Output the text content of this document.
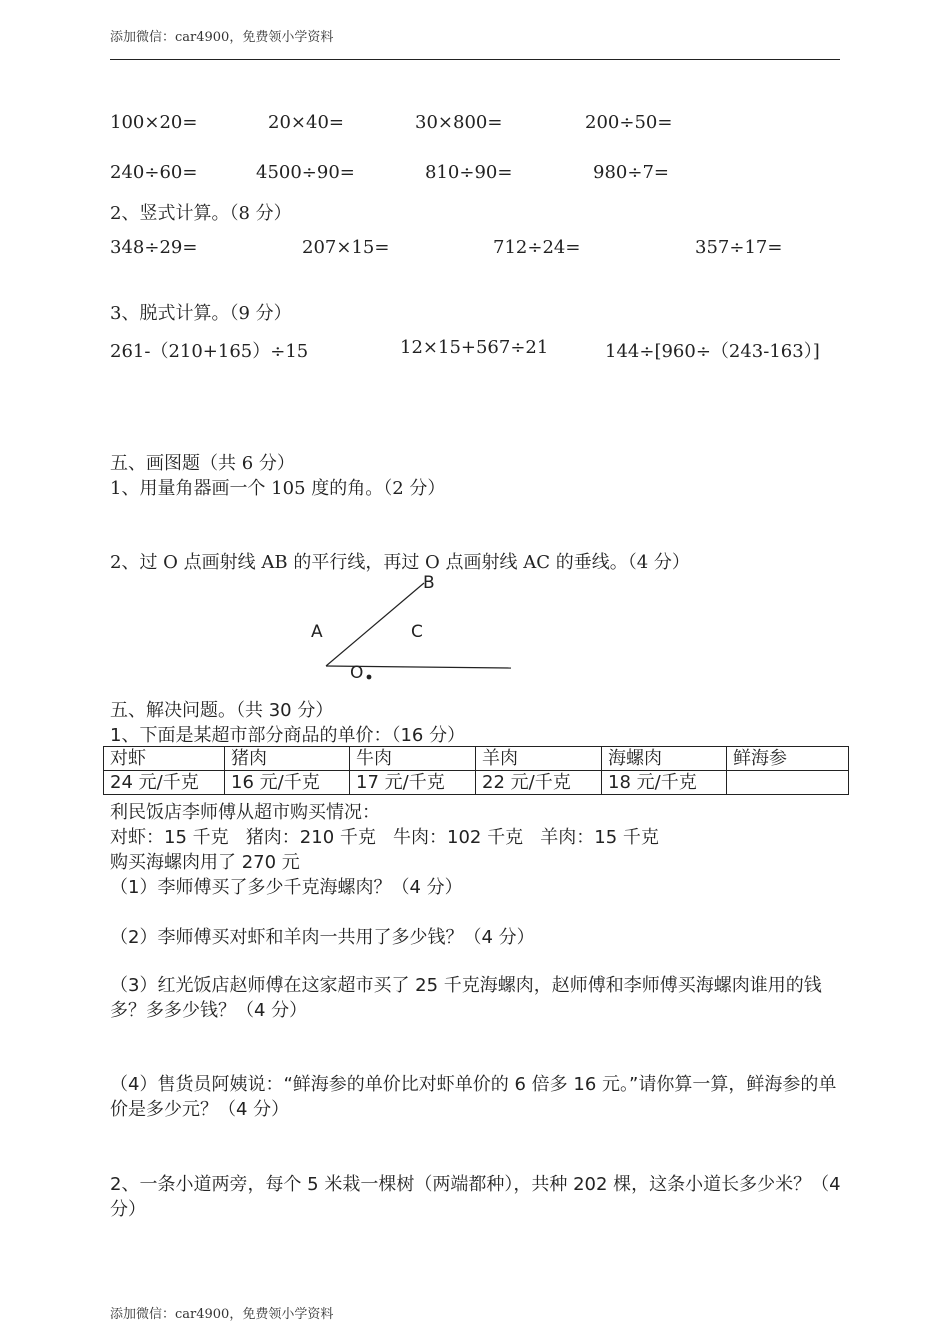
添加微信：car4900，免费领小学资料
100×20=	20×40=	30×800=	200÷50=
240÷60=	4500÷90=	810÷90=	980÷7=
2、竖式计算。（8 分）
348÷29=	207×15=	712÷24=	357÷17=
3、脱式计算。（9 分）
261-（210+165）÷15	12×15+567÷21	144÷[960÷（243-163）]
五、画图题（共 6 分）
1、用量角器画一个 105 度的角。（2 分）
2、过 O 点画射线 AB 的平行线，再过 O 点画射线 AC 的垂线。（4 分）
B
A	C
O
五、解决问题。（共 30 分）
1、下面是某超市部分商品的单价：（16 分）
对虾	猪肉	牛肉	羊肉	海螺肉	鲜海参
24 元/千克	16 元/千克	17 元/千克	22 元/千克	18 元/千克	
利民饭店李师傅从超市购买情况：
对虾：15 千克   猪肉：210 千克   牛肉：102 千克   羊肉：15 千克
购买海螺肉用了 270 元
（1）李师傅买了多少千克海螺肉？（4 分）
（2）李师傅买对虾和羊肉一共用了多少钱？（4 分）
（3）红光饭店赵师傅在这家超市买了 25 千克海螺肉，赵师傅和李师傅买海螺肉谁用的钱多？多多少钱？（4 分）
（4）售货员阿姨说：“鲜海参的单价比对虾单价的 6 倍多 16 元。”请你算一算，鲜海参的单价是多少元？（4 分）
2、一条小道两旁，每个 5 米栽一棵树（两端都种），共种 202 棵，这条小道长多少米？（4 分）
添加微信：car4900，免费领小学资料
